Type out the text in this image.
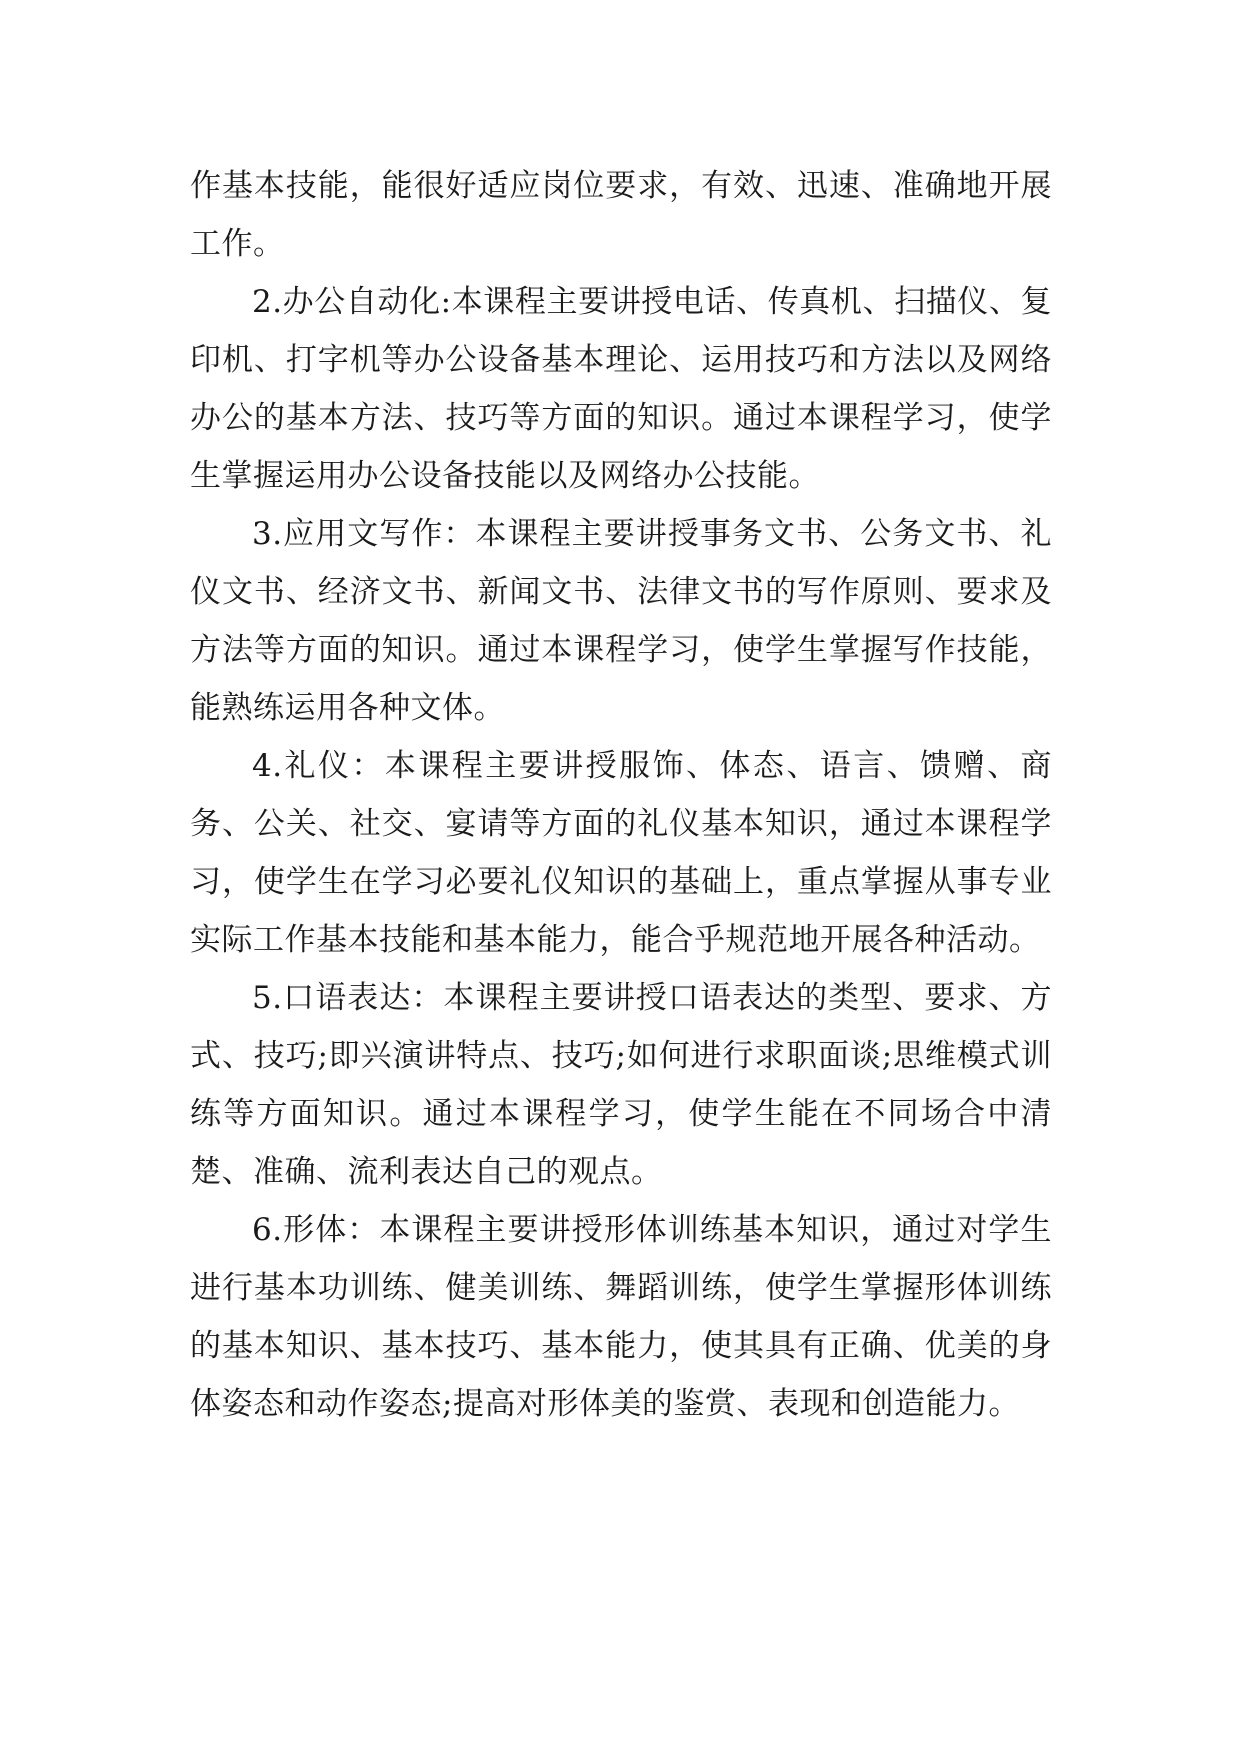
作基本技能，能很好适应岗位要求，有效、迅速、准确地开展工作。

2.办公自动化:本课程主要讲授电话、传真机、扫描仪、复印机、打字机等办公设备基本理论、运用技巧和方法以及网络办公的基本方法、技巧等方面的知识。通过本课程学习，使学生掌握运用办公设备技能以及网络办公技能。

3.应用文写作：本课程主要讲授事务文书、公务文书、礼仪文书、经济文书、新闻文书、法律文书的写作原则、要求及方法等方面的知识。通过本课程学习，使学生掌握写作技能，能熟练运用各种文体。

4.礼仪：本课程主要讲授服饰、体态、语言、馈赠、商务、公关、社交、宴请等方面的礼仪基本知识，通过本课程学习，使学生在学习必要礼仪知识的基础上，重点掌握从事专业实际工作基本技能和基本能力，能合乎规范地开展各种活动。

5.口语表达：本课程主要讲授口语表达的类型、要求、方式、技巧;即兴演讲特点、技巧;如何进行求职面谈;思维模式训练等方面知识。通过本课程学习，使学生能在不同场合中清楚、准确、流利表达自己的观点。

6.形体：本课程主要讲授形体训练基本知识，通过对学生进行基本功训练、健美训练、舞蹈训练，使学生掌握形体训练的基本知识、基本技巧、基本能力，使其具有正确、优美的身体姿态和动作姿态;提高对形体美的鉴赏、表现和创造能力。
